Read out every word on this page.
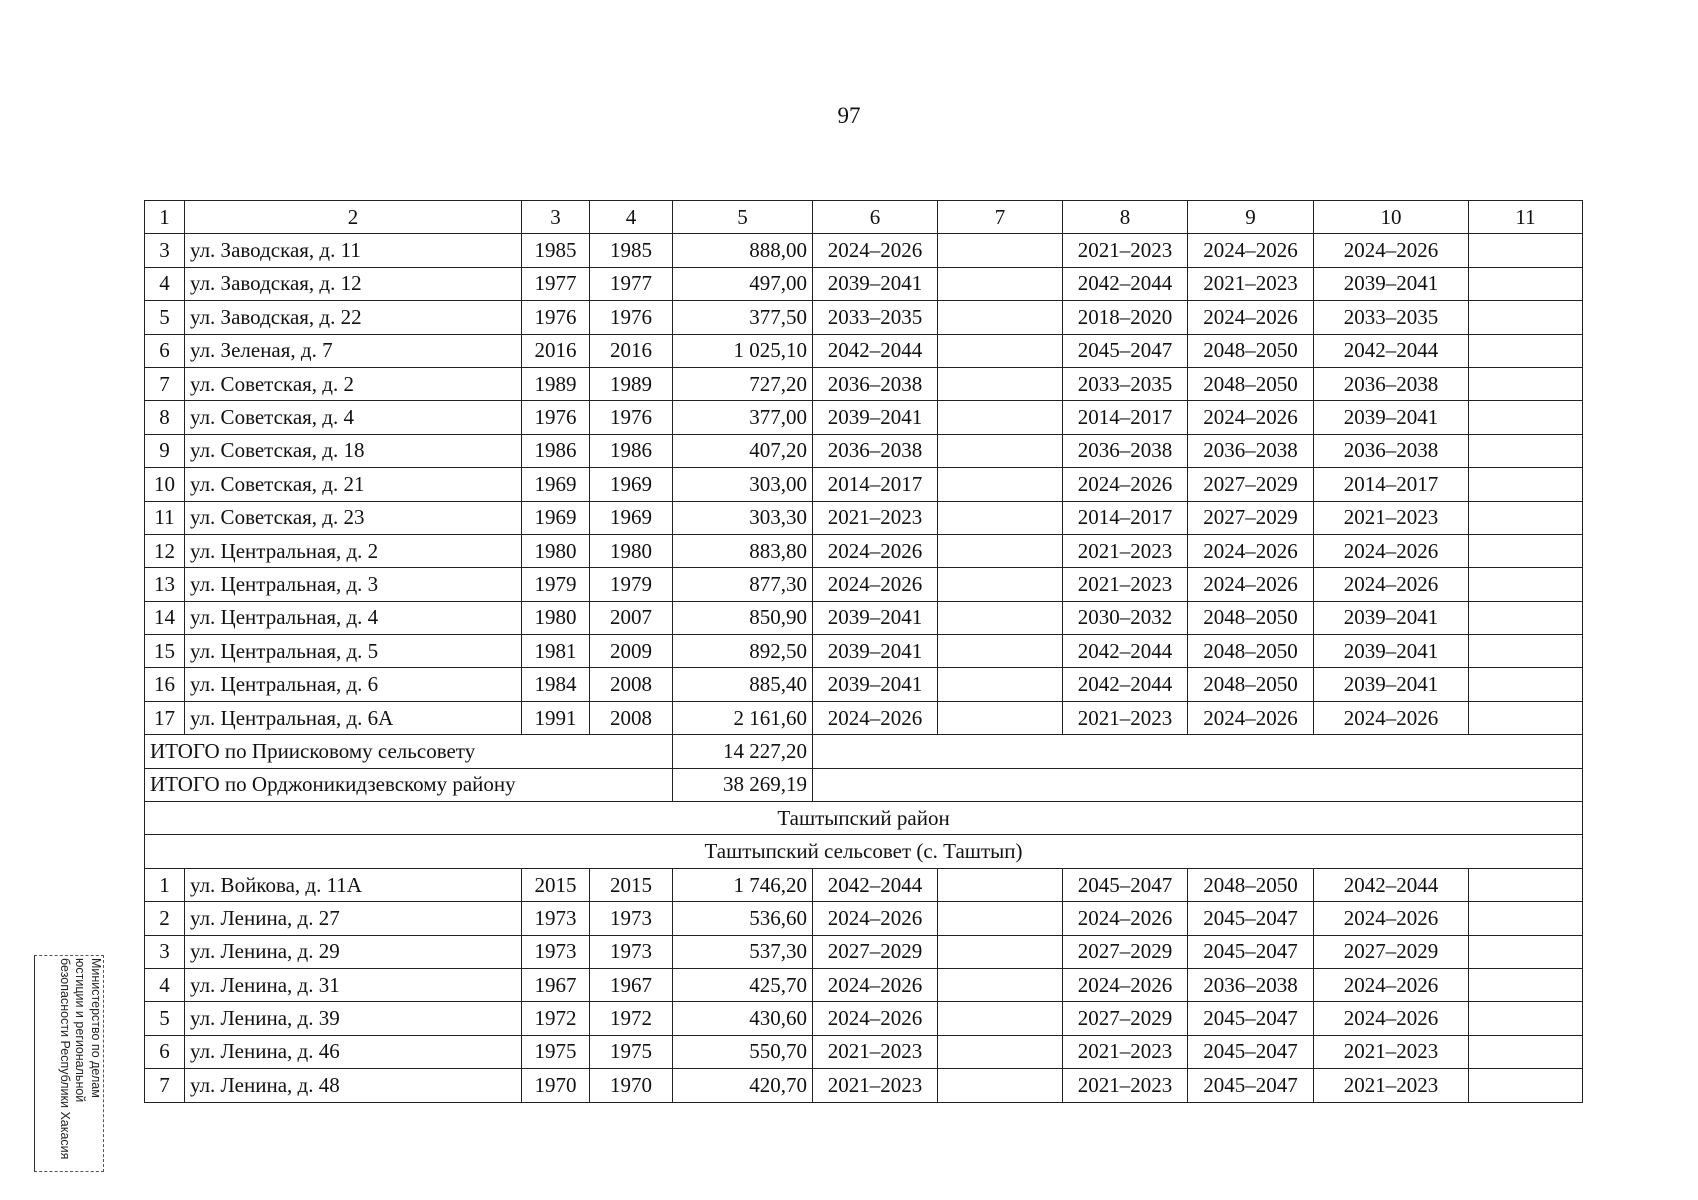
97
1	2	3	4	5	6	7	8	9	10	11
3	ул. Заводская, д. 11	1985	1985	888,00	2024–2026		2021–2023	2024–2026	2024–2026	
4	ул. Заводская, д. 12	1977	1977	497,00	2039–2041		2042–2044	2021–2023	2039–2041	
5	ул. Заводская, д. 22	1976	1976	377,50	2033–2035		2018–2020	2024–2026	2033–2035	
6	ул. Зеленая, д. 7	2016	2016	1 025,10	2042–2044		2045–2047	2048–2050	2042–2044	
7	ул. Советская, д. 2	1989	1989	727,20	2036–2038		2033–2035	2048–2050	2036–2038	
8	ул. Советская, д. 4	1976	1976	377,00	2039–2041		2014–2017	2024–2026	2039–2041	
9	ул. Советская, д. 18	1986	1986	407,20	2036–2038		2036–2038	2036–2038	2036–2038	
10	ул. Советская, д. 21	1969	1969	303,00	2014–2017		2024–2026	2027–2029	2014–2017	
11	ул. Советская, д. 23	1969	1969	303,30	2021–2023		2014–2017	2027–2029	2021–2023	
12	ул. Центральная, д. 2	1980	1980	883,80	2024–2026		2021–2023	2024–2026	2024–2026	
13	ул. Центральная, д. 3	1979	1979	877,30	2024–2026		2021–2023	2024–2026	2024–2026	
14	ул. Центральная, д. 4	1980	2007	850,90	2039–2041		2030–2032	2048–2050	2039–2041	
15	ул. Центральная, д. 5	1981	2009	892,50	2039–2041		2042–2044	2048–2050	2039–2041	
16	ул. Центральная, д. 6	1984	2008	885,40	2039–2041		2042–2044	2048–2050	2039–2041	
17	ул. Центральная, д. 6А	1991	2008	2 161,60	2024–2026		2021–2023	2024–2026	2024–2026	
ИТОГО по Приисковому сельсовету				14 227,20						
ИТОГО по Орджоникидзевскому району				38 269,19						
Таштыпский район										
Таштыпский сельсовет (с. Таштып)										
1	ул. Войкова, д. 11А	2015	2015	1 746,20	2042–2044		2045–2047	2048–2050	2042–2044	
2	ул. Ленина, д. 27	1973	1973	536,60	2024–2026		2024–2026	2045–2047	2024–2026	
3	ул. Ленина, д. 29	1973	1973	537,30	2027–2029		2027–2029	2045–2047	2027–2029	
4	ул. Ленина, д. 31	1967	1967	425,70	2024–2026		2024–2026	2036–2038	2024–2026	
5	ул. Ленина, д. 39	1972	1972	430,60	2024–2026		2027–2029	2045–2047	2024–2026	
6	ул. Ленина, д. 46	1975	1975	550,70	2021–2023		2021–2023	2045–2047	2021–2023	
7	ул. Ленина, д. 48	1970	1970	420,70	2021–2023		2021–2023	2045–2047	2021–2023	
Министерство по делам
юстиции и региональной
безопасности Республики Хакасия
